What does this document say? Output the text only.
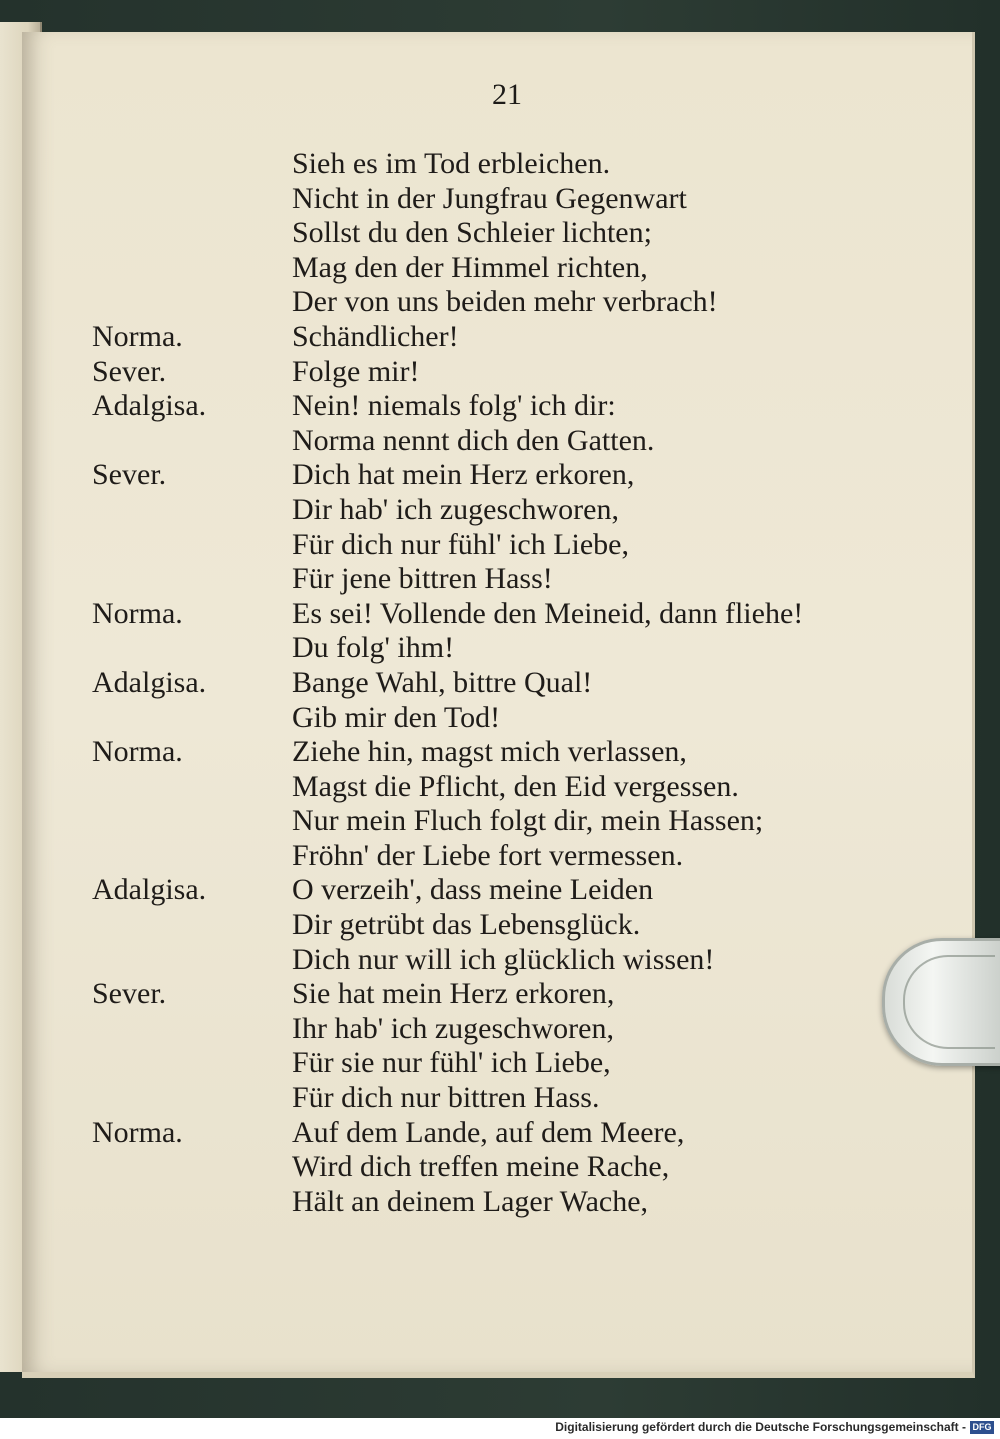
21
Sieh es im Tod erbleichen.
Nicht in der Jungfrau Gegenwart
Sollst du den Schleier lichten;
Mag den der Himmel richten,
Der von uns beiden mehr verbrach!
Norma.	Schändlicher!
Sever.	Folge mir!
Adalgisa.	Nein! niemals folg' ich dir:
Norma nennt dich den Gatten.
Sever.	Dich hat mein Herz erkoren,
Dir hab' ich zugeschworen,
Für dich nur fühl' ich Liebe,
Für jene bittren Hass!
Norma.	Es sei! Vollende den Meineid, dann fliehe!
Du folg' ihm!
Adalgisa.	Bange Wahl, bittre Qual!
Gib mir den Tod!
Norma.	Ziehe hin, magst mich verlassen,
Magst die Pflicht, den Eid vergessen.
Nur mein Fluch folgt dir, mein Hassen;
Fröhn' der Liebe fort vermessen.
Adalgisa.	O verzeih', dass meine Leiden
Dir getrübt das Lebensglück.
Dich nur will ich glücklich wissen!
Sever.	Sie hat mein Herz erkoren,
Ihr hab' ich zugeschworen,
Für sie nur fühl' ich Liebe,
Für dich nur bittren Hass.
Norma.	Auf dem Lande, auf dem Meere,
Wird dich treffen meine Rache,
Hält an deinem Lager Wache,
Digitalisierung gefördert durch die Deutsche Forschungsgemeinschaft - DFG
